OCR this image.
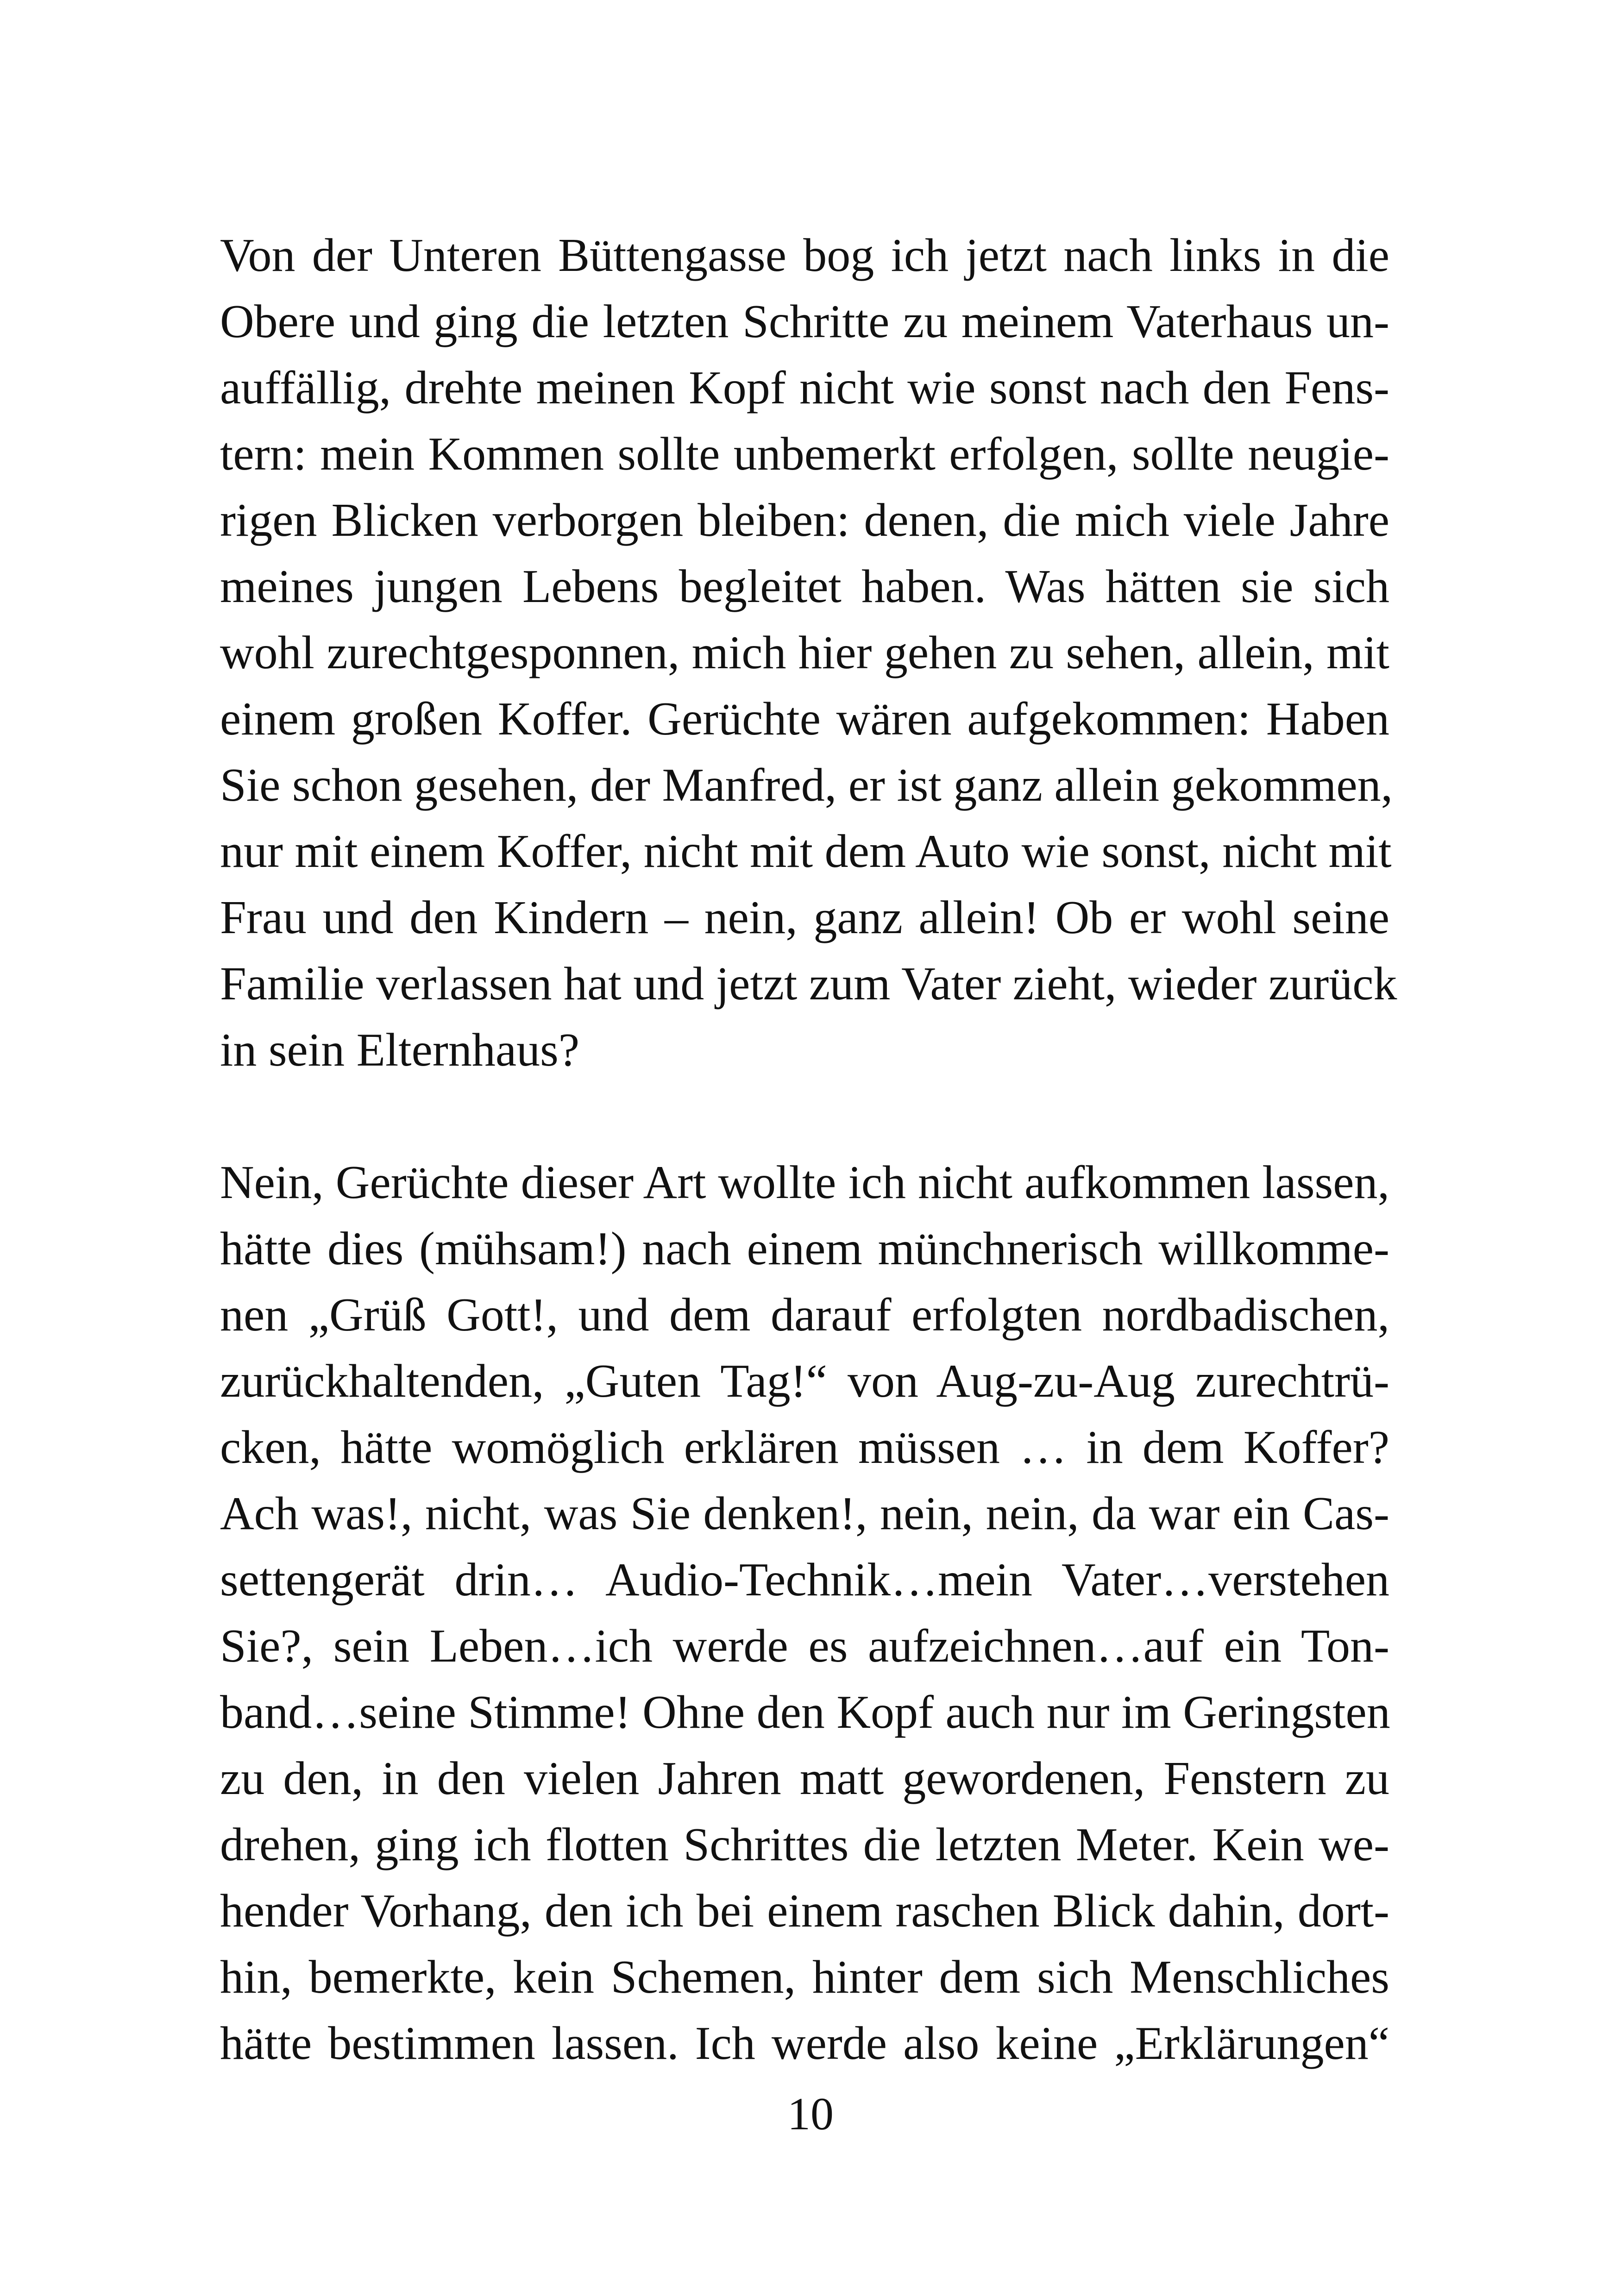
Von der Unteren Büttengasse bog ich jetzt nach links in die
Obere und ging die letzten Schritte zu meinem Vaterhaus un-
auffällig, drehte meinen Kopf nicht wie sonst nach den Fens-
tern: mein Kommen sollte unbemerkt erfolgen, sollte neugie-
rigen Blicken verborgen bleiben: denen, die mich viele Jahre
meines jungen Lebens begleitet haben. Was hätten sie sich
wohl zurechtgesponnen, mich hier gehen zu sehen, allein, mit
einem großen Koffer. Gerüchte wären aufgekommen: Haben
Sie schon gesehen, der Manfred, er ist ganz allein gekommen,
nur mit einem Koffer, nicht mit dem Auto wie sonst, nicht mit
Frau und den Kindern – nein, ganz allein! Ob er wohl seine
Familie verlassen hat und jetzt zum Vater zieht, wieder zurück
in sein Elternhaus?
Nein, Gerüchte dieser Art wollte ich nicht aufkommen lassen,
hätte dies (mühsam!) nach einem münchnerisch willkomme-
nen „Grüß Gott!, und dem darauf erfolgten nordbadischen,
zurückhaltenden, „Guten Tag!“ von Aug-zu-Aug zurechtrü-
cken, hätte womöglich erklären müssen … in dem Koffer?
Ach was!, nicht, was Sie denken!, nein, nein, da war ein Cas-
settengerät drin… Audio-Technik…mein Vater…verstehen
Sie?, sein Leben…ich werde es aufzeichnen…auf ein Ton-
band…seine Stimme! Ohne den Kopf auch nur im Geringsten
zu den, in den vielen Jahren matt gewordenen, Fenstern zu
drehen, ging ich flotten Schrittes die letzten Meter. Kein we-
hender Vorhang, den ich bei einem raschen Blick dahin, dort-
hin, bemerkte, kein Schemen, hinter dem sich Menschliches
hätte bestimmen lassen. Ich werde also keine „Erklärungen“
10
